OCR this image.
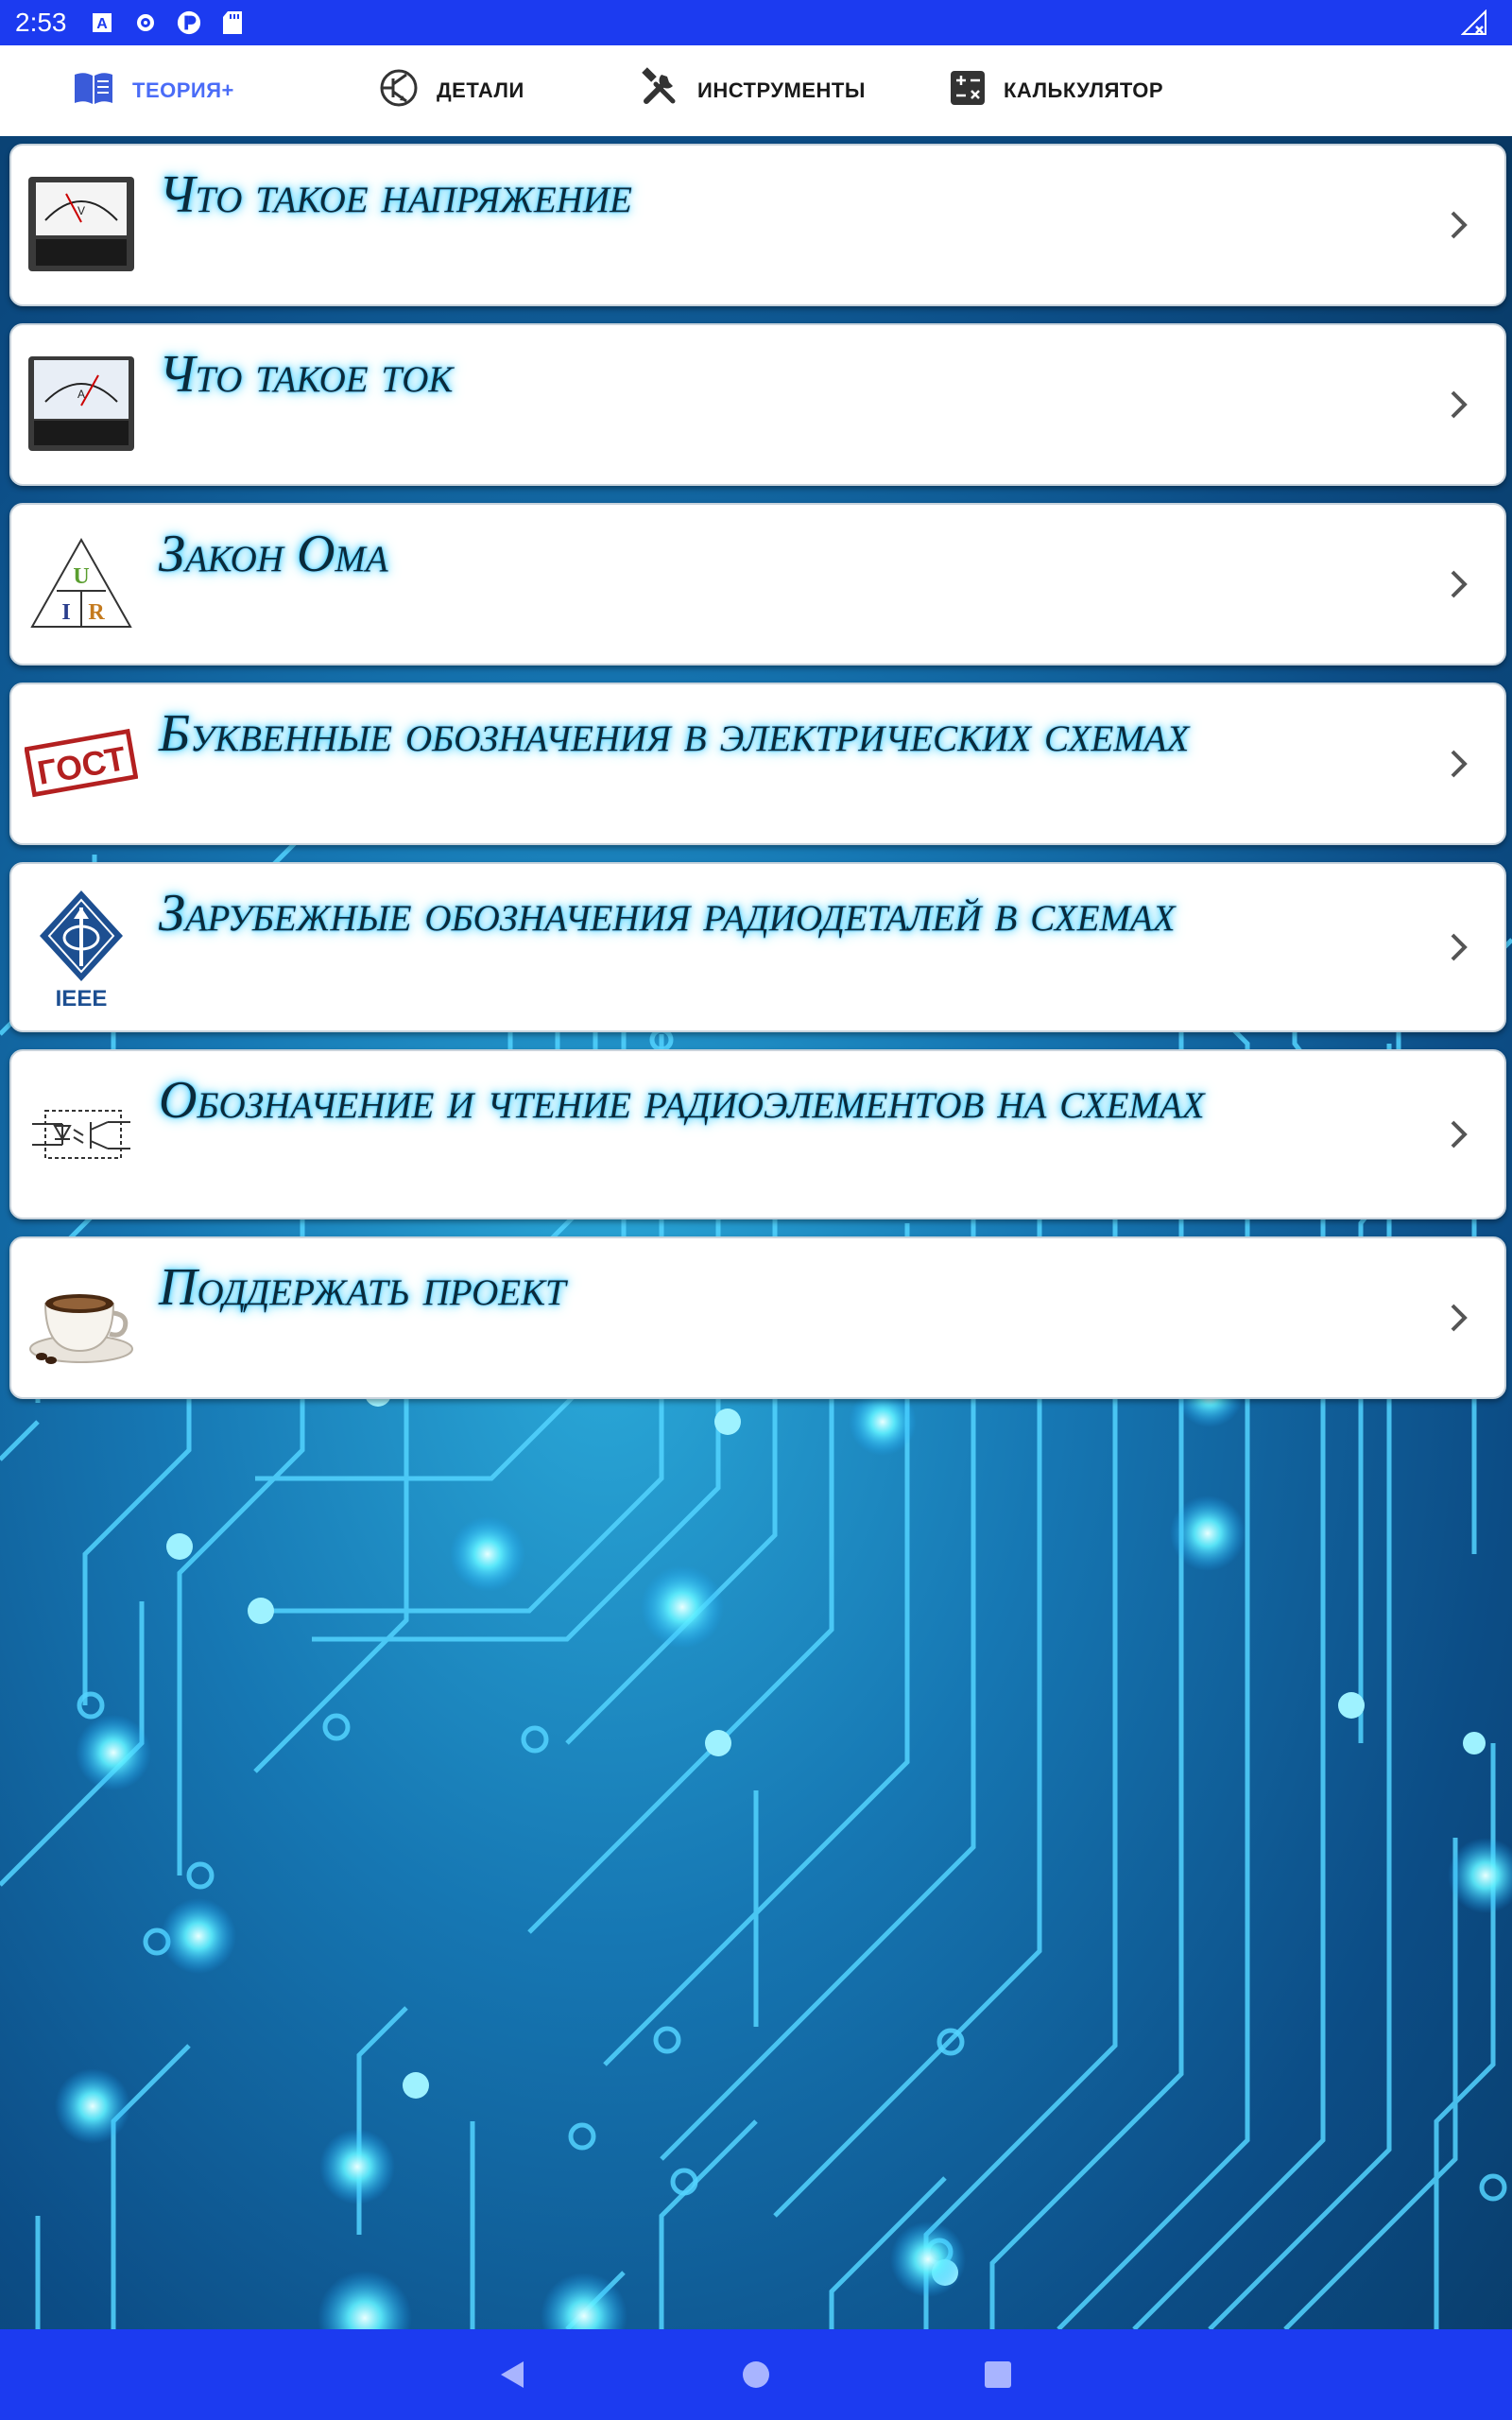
2:53 A
ТЕОРИЯ+	ДЕТАЛИ	ИНСТРУМЕНТЫ	КАЛЬКУЛЯТОР
V Что такое напряжение
A Что такое ток
U
I R
Закон Ома
ГОСТ
Буквенные обозначения в электрических схемах
IEEE
Зарубежные обозначения радиодеталей в схемах
Обозначение и чтение радиоэлементов на схемах
Поддержать проект
